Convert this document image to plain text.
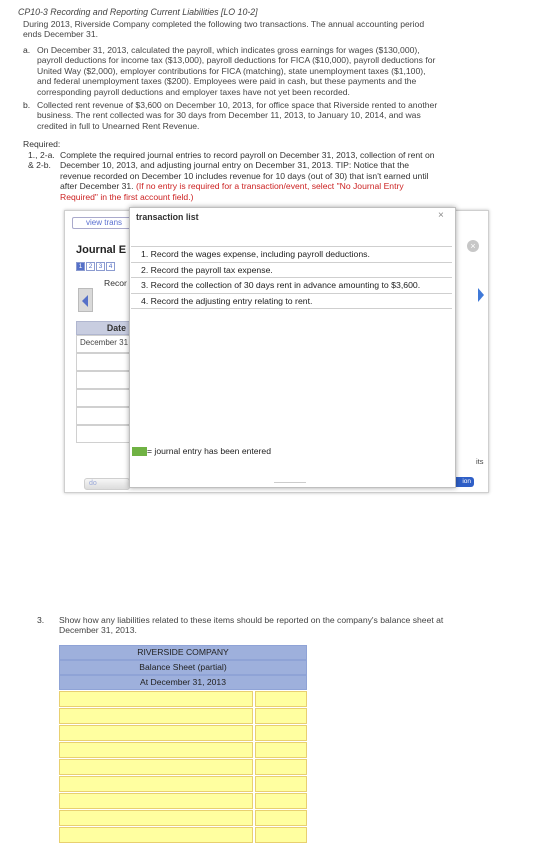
CP10-3 Recording and Reporting Current Liabilities [LO 10-2]
During 2013, Riverside Company completed the following two transactions. The annual accounting period ends December 31.
a. On December 31, 2013, calculated the payroll, which indicates gross earnings for wages ($130,000), payroll deductions for income tax ($13,000), payroll deductions for FICA ($10,000), payroll deductions for United Way ($2,000), employer contributions for FICA (matching), state unemployment taxes ($1,100), and federal unemployment taxes ($200). Employees were paid in cash, but these payments and the corresponding payroll deductions and employer taxes have not yet been recorded.
b. Collected rent revenue of $3,600 on December 10, 2013, for office space that Riverside rented to another business. The rent collected was for 30 days from December 11, 2013, to January 10, 2014, and was credited in full to Unearned Rent Revenue.
Required:
1., 2-a. & 2-b.
Complete the required journal entries to record payroll on December 31, 2013, collection of rent on December 10, 2013, and adjusting journal entry on December 31, 2013. TIP: Notice that the revenue recorded on December 10 includes revenue for 10 days (out of 30) that isn't earned until after December 31. (If no entry is required for a transaction/event, select "No Journal Entry Required" in the first account field.)
view trans
Journal E	×
1 2 3 4
Recor
Date
December 31
do
its
ion
transaction list	×
1. Record the wages expense, including payroll deductions.
2. Record the payroll tax expense.
3. Record the collection of 30 days rent in advance amounting to $3,600.
4. Record the adjusting entry relating to rent.
= journal entry has been entered
3. Show how any liabilities related to these items should be reported on the company's balance sheet at December 31, 2013.
RIVERSIDE COMPANY
Balance Sheet (partial)
At December 31, 2013
